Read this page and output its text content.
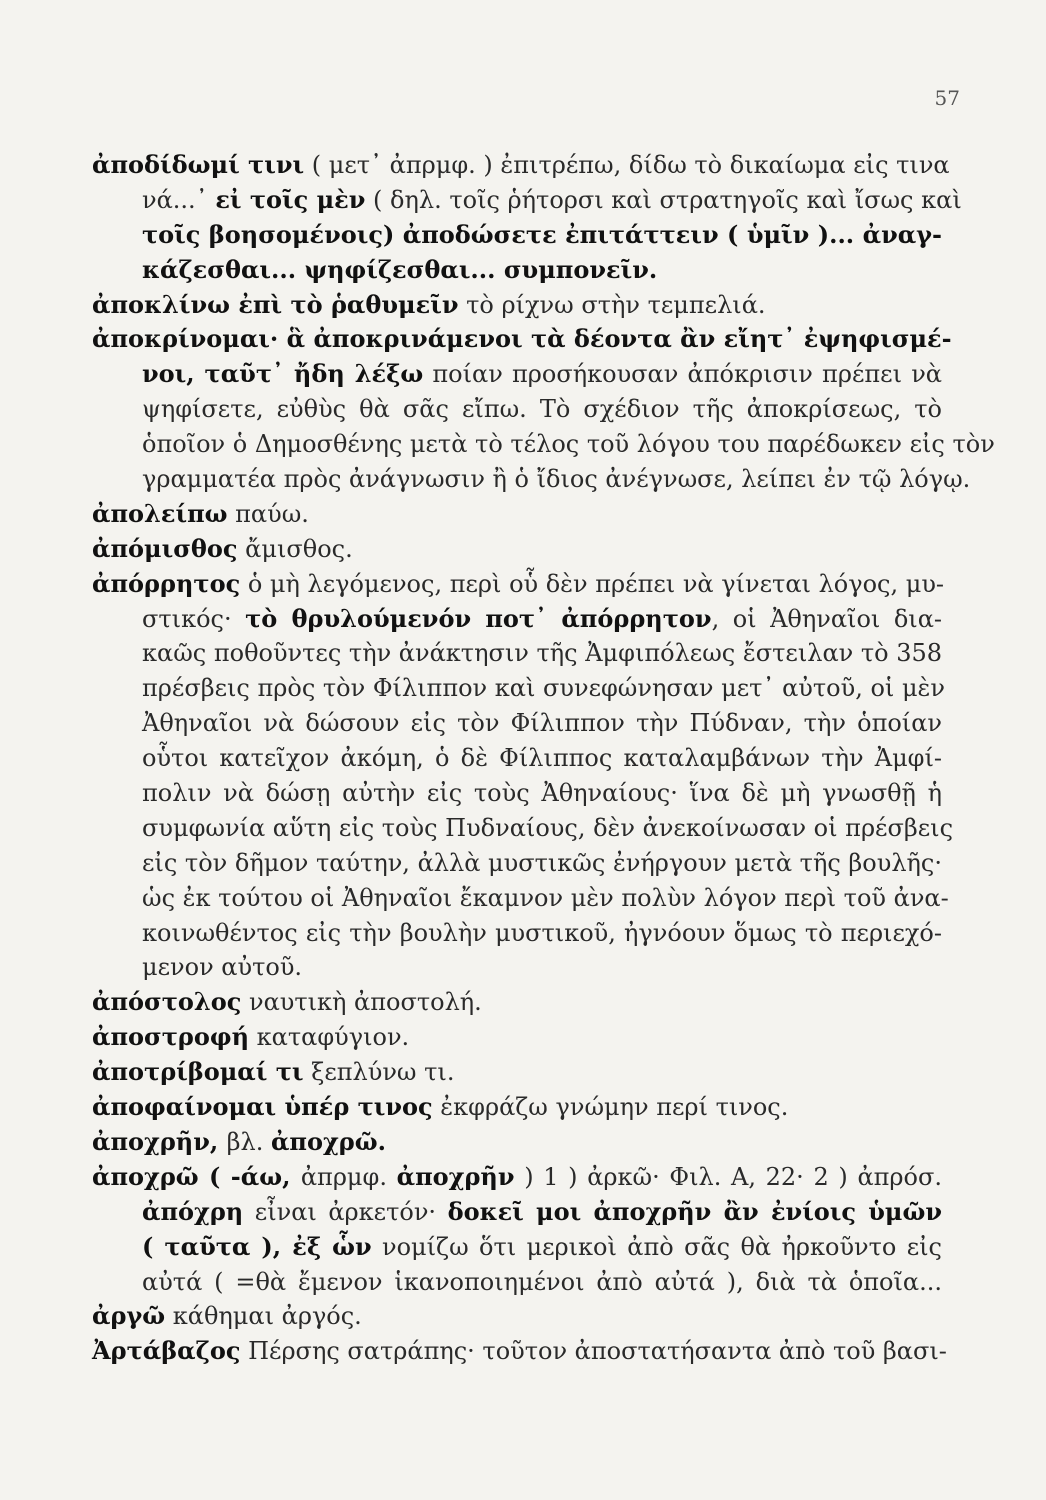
57
ἀποδίδωμί τινι ( μετ᾽ ἀπρμφ. ) ἐπιτρέπω, δίδω τὸ δικαίωμα εἰς τινα
νά...᾽ εἰ τοῖς μὲν ( δηλ. τοῖς ῥήτορσι καὶ στρατηγοῖς καὶ ἴσως καὶ
τοῖς βοησομένοις) ἀποδώσετε ἐπιτάττειν ( ὑμῖν )... ἀναγ-
κάζεσθαι... ψηφίζεσθαι... συμπονεῖν.
ἀποκλίνω ἐπὶ τὸ ῥαθυμεῖν τὸ ρίχνω στὴν τεμπελιά.
ἀποκρίνομαι· ἃ ἀποκρινάμενοι τὰ δέοντα ἂν εἴητ᾽ ἐψηφισμέ-
νοι, ταῦτ᾽ ἤδη λέξω ποίαν προσήκουσαν ἀπόκρισιν πρέπει νὰ
ψηφίσετε, εὐθὺς θὰ σᾶς εἴπω. Τὸ σχέδιον τῆς ἀποκρίσεως, τὸ
ὁποῖον ὁ Δημοσθένης μετὰ τὸ τέλος τοῦ λόγου του παρέδωκεν εἰς τὸν
γραμματέα πρὸς ἀνάγνωσιν ἢ ὁ ἴδιος ἀνέγνωσε, λείπει ἐν τῷ λόγῳ.
ἀπολείπω παύω.
ἀπόμισθος ἄμισθος.
ἀπόρρητος ὁ μὴ λεγόμενος, περὶ οὗ δὲν πρέπει νὰ γίνεται λόγος, μυ-
στικός· τὸ θρυλούμενόν ποτ᾽ ἀπόρρητον, οἱ Ἀθηναῖοι δια-
καῶς ποθοῦντες τὴν ἀνάκτησιν τῆς Ἀμφιπόλεως ἔστειλαν τὸ 358
πρέσβεις πρὸς τὸν Φίλιππον καὶ συνεφώνησαν μετ᾽ αὐτοῦ, οἱ μὲν
Ἀθηναῖοι νὰ δώσουν εἰς τὸν Φίλιππον τὴν Πύδναν, τὴν ὁποίαν
οὗτοι κατεῖχον ἀκόμη, ὁ δὲ Φίλιππος καταλαμβάνων τὴν Ἀμφί-
πολιν νὰ δώσῃ αὐτὴν εἰς τοὺς Ἀθηναίους· ἵνα δὲ μὴ γνωσθῇ ἡ
συμφωνία αὕτη εἰς τοὺς Πυδναίους, δὲν ἀνεκοίνωσαν οἱ πρέσβεις
εἰς τὸν δῆμον ταύτην, ἀλλὰ μυστικῶς ἐνήργουν μετὰ τῆς βουλῆς·
ὡς ἐκ τούτου οἱ Ἀθηναῖοι ἔκαμνον μὲν πολὺν λόγον περὶ τοῦ ἀνα-
κοινωθέντος εἰς τὴν βουλὴν μυστικοῦ, ἠγνόουν ὅμως τὸ περιεχό-
μενον αὐτοῦ.
ἀπόστολος ναυτικὴ ἀποστολή.
ἀποστροφή καταφύγιον.
ἀποτρίβομαί τι ξεπλύνω τι.
ἀποφαίνομαι ὑπέρ τινος ἐκφράζω γνώμην περί τινος.
ἀποχρῆν, βλ. ἀποχρῶ.
ἀποχρῶ ( -άω, ἀπρμφ. ἀποχρῆν ) 1 ) ἀρκῶ· Φιλ. Α, 22· 2 ) ἀπρόσ.
ἀπόχρη εἶναι ἀρκετόν· δοκεῖ μοι ἀποχρῆν ἂν ἐνίοις ὑμῶν
( ταῦτα ), ἐξ ὧν νομίζω ὅτι μερικοὶ ἀπὸ σᾶς θὰ ἠρκοῦντο εἰς
αὐτά ( =θὰ ἔμενον ἱκανοποιημένοι ἀπὸ αὐτά ), διὰ τὰ ὁποῖα...
ἀργῶ κάθημαι ἀργός.
Ἀρτάβαζος Πέρσης σατράπης· τοῦτον ἀποστατήσαντα ἀπὸ τοῦ βασι-
